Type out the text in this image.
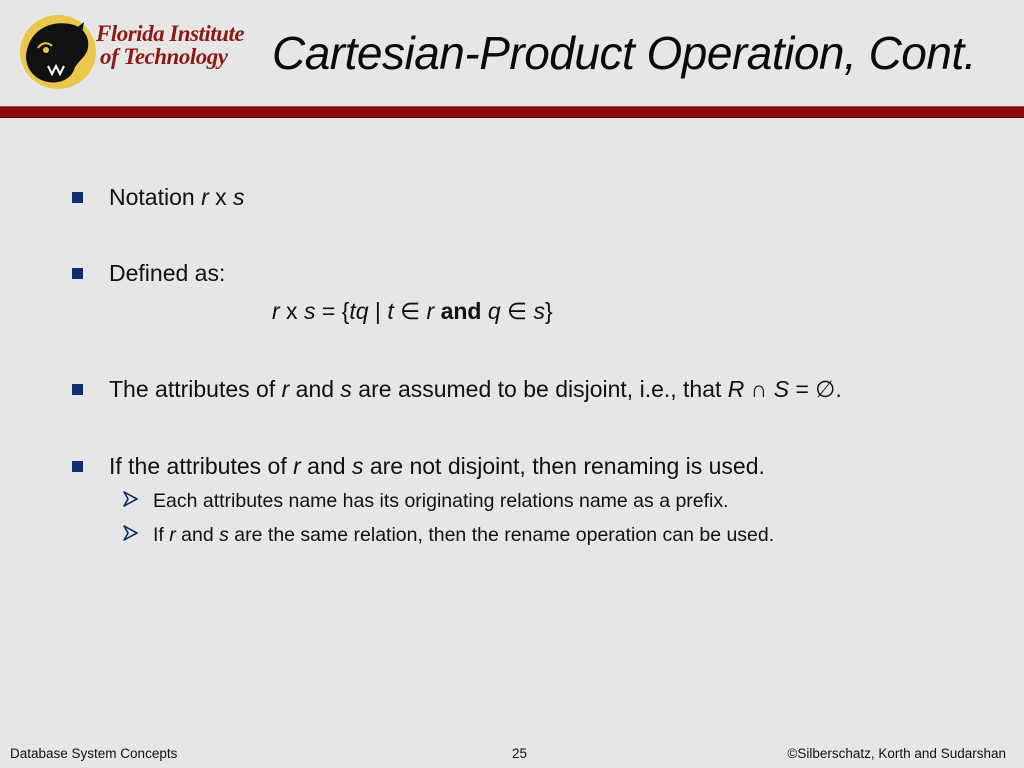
Florida Institute
of Technology Cartesian-Product Operation, Cont.
Notation r x s
Defined as:
r x s = {tq | t ∈ r and q ∈ s}
The attributes of r and s are assumed to be disjoint, i.e., that R ∩ S = ∅.
If the attributes of r and s are not disjoint, then renaming is used.
Each attributes name has its originating relations name as a prefix.
If r and s are the same relation, then the rename operation can be used.
Database System Concepts	25	©Silberschatz, Korth and Sudarshan
